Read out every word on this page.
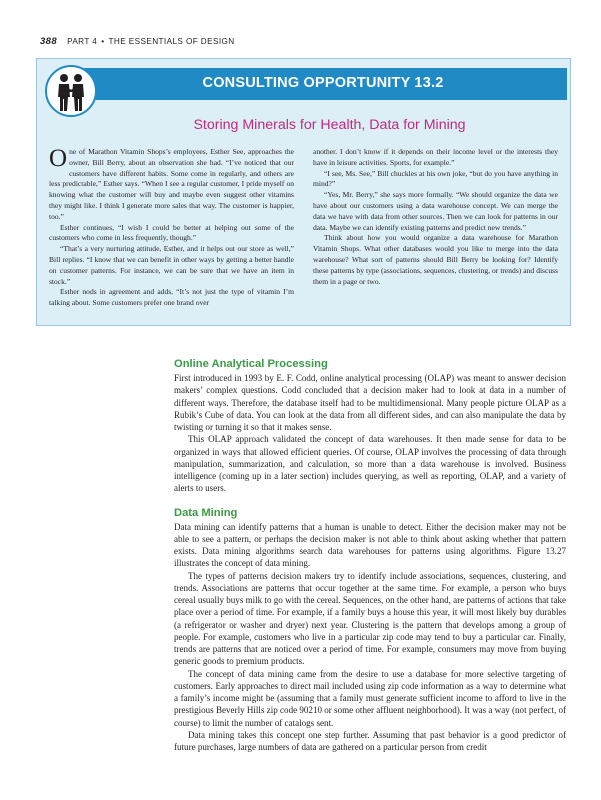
388 PART 4 • THE ESSENTIALS OF DESIGN
CONSULTING OPPORTUNITY 13.2
Storing Minerals for Health, Data for Mining

One of Marathon Vitamin Shops’s employees, Esther See, approaches the owner, Bill Berry, about an observation she had. “I’ve noticed that our customers have different habits. Some come in regularly, and others are less predictable,” Esther says. “When I see a regular customer, I pride myself on knowing what the customer will buy and maybe even suggest other vitamins they might like. I think I generate more sales that way. The customer is happier, too.”

Esther continues, “I wish I could be better at helping out some of the customers who come in less frequently, though.”

“That’s a very nurturing attitude, Esther, and it helps out our store as well,” Bill replies. “I know that we can benefit in other ways by getting a better handle on customer patterns. For instance, we can be sure that we have an item in stock.”

Esther nods in agreement and adds, “It’s not just the type of vitamin I’m talking about. Some customers prefer one brand over

another. I don’t know if it depends on their income level or the interests they have in leisure activities. Sports, for example.”

“I see, Ms. See,” Bill chuckles at his own joke, “but do you have anything in mind?”

“Yes, Mr. Berry,” she says more formally. “We should organize the data we have about our customers using a data warehouse concept. We can merge the data we have with data from other sources. Then we can look for patterns in our data. Maybe we can identify existing patterns and predict new trends.”

Think about how you would organize a data warehouse for Marathon Vitamin Shops. What other databases would you like to merge into the data warehouse? What sort of patterns should Bill Berry be looking for? Identify these patterns by type (associations, sequences, clustering, or trends) and discuss them in a page or two.

Online Analytical Processing

First introduced in 1993 by E. F. Codd, online analytical processing (OLAP) was meant to answer decision makers’ complex questions. Codd concluded that a decision maker had to look at data in a number of different ways. Therefore, the database itself had to be multidimensional. Many people picture OLAP as a Rubik’s Cube of data. You can look at the data from all different sides, and can also manipulate the data by twisting or turning it so that it makes sense.

This OLAP approach validated the concept of data warehouses. It then made sense for data to be organized in ways that allowed efficient queries. Of course, OLAP involves the processing of data through manipulation, summarization, and calculation, so more than a data warehouse is involved. Business intelligence (coming up in a later section) includes querying, as well as reporting, OLAP, and a variety of alerts to users.

Data Mining

Data mining can identify patterns that a human is unable to detect. Either the decision maker may not be able to see a pattern, or perhaps the decision maker is not able to think about asking whether that pattern exists. Data mining algorithms search data warehouses for patterns using algorithms. Figure 13.27 illustrates the concept of data mining.

The types of patterns decision makers try to identify include associations, sequences, clustering, and trends. Associations are patterns that occur together at the same time. For example, a person who buys cereal usually buys milk to go with the cereal. Sequences, on the other hand, are patterns of actions that take place over a period of time. For example, if a family buys a house this year, it will most likely buy durables (a refrigerator or washer and dryer) next year. Clustering is the pattern that develops among a group of people. For example, customers who live in a particular zip code may tend to buy a particular car. Finally, trends are patterns that are noticed over a period of time. For example, consumers may move from buying generic goods to premium products.

The concept of data mining came from the desire to use a database for more selective targeting of customers. Early approaches to direct mail included using zip code information as a way to determine what a family’s income might be (assuming that a family must generate sufficient income to afford to live in the prestigious Beverly Hills zip code 90210 or some other affluent neighborhood). It was a way (not perfect, of course) to limit the number of catalogs sent.

Data mining takes this concept one step further. Assuming that past behavior is a good predictor of future purchases, large numbers of data are gathered on a particular person from credit
